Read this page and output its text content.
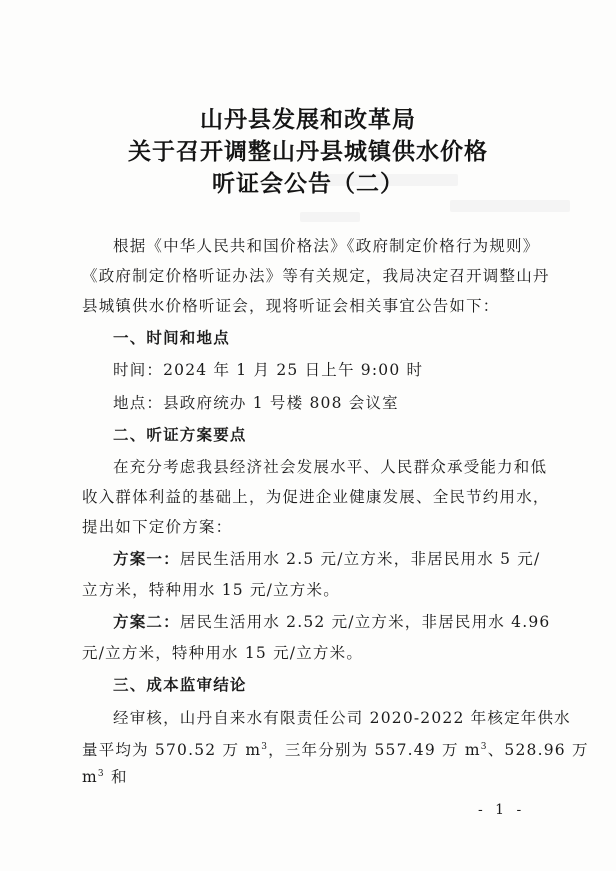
山丹县发展和改革局
关于召开调整山丹县城镇供水价格
听证会公告（二）
根据《中华人民共和国价格法》《政府制定价格行为规则》
《政府制定价格听证办法》等有关规定，我局决定召开调整山丹
县城镇供水价格听证会，现将听证会相关事宜公告如下：
一、时间和地点
时间：2024 年 1 月 25 日上午 9:00 时
地点：县政府统办 1 号楼 808 会议室
二、听证方案要点
在充分考虑我县经济社会发展水平、人民群众承受能力和低
收入群体利益的基础上，为促进企业健康发展、全民节约用水，
提出如下定价方案：
方案一：居民生活用水 2.5 元/立方米，非居民用水 5 元/
立方米，特种用水 15 元/立方米。
方案二：居民生活用水 2.52 元/立方米，非居民用水 4.96
元/立方米，特种用水 15 元/立方米。
三、成本监审结论
经审核，山丹自来水有限责任公司 2020-2022 年核定年供水
量平均为 570.52 万 $m^3$，三年分别为 557.49 万 $m^3$、528.96 万 $m^3$ 和
- 1 -
